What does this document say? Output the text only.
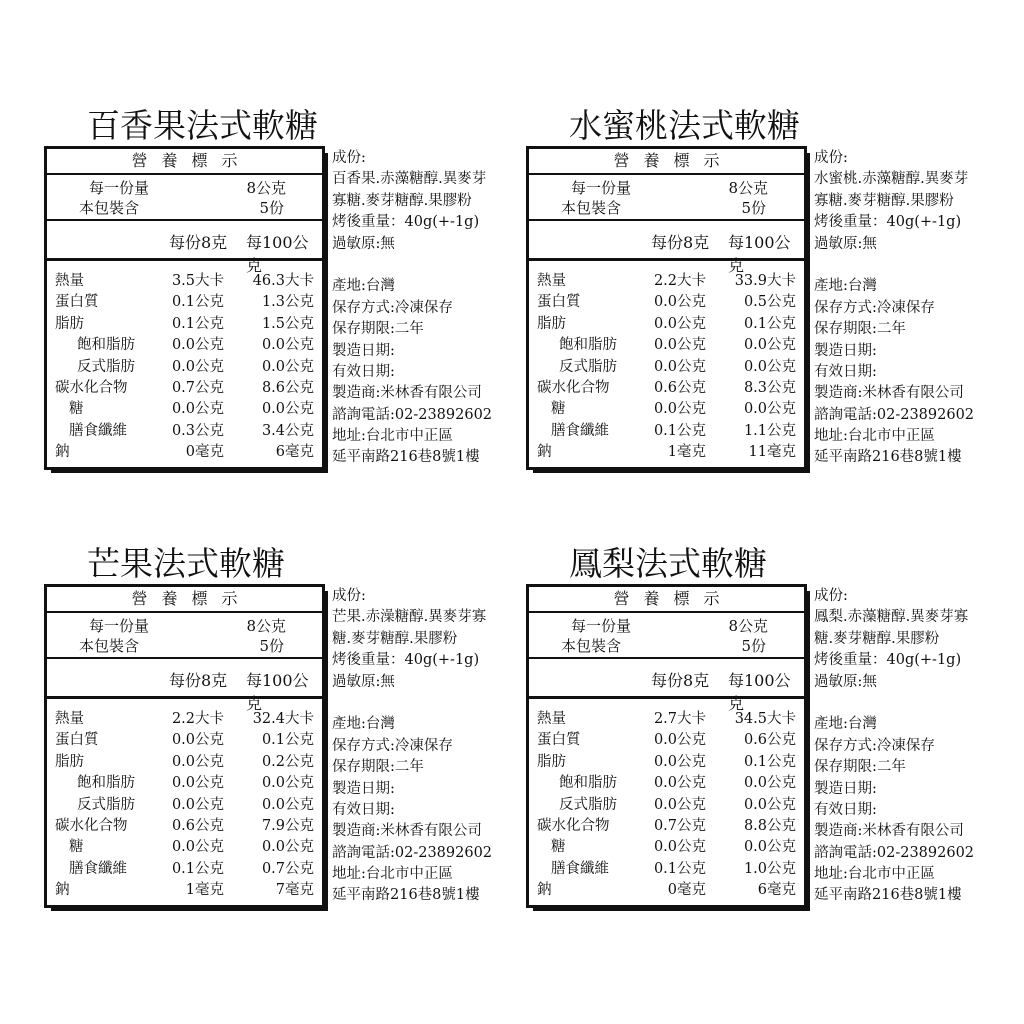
百香果法式軟糖
營養標示
每一份量	8公克
本包裝含	5份
每份8克 每100公克
熱量	3.5大卡 46.3大卡
蛋白質	0.1公克	1.3公克
脂肪	0.1公克	1.5公克
飽和脂肪	0.0公克	0.0公克
反式脂肪	0.0公克	0.0公克
碳水化合物	0.7公克	8.6公克
糖	0.0公克	0.0公克
膳食纖維	0.3公克	3.4公克
鈉	0毫克	6毫克
成份:
百香果.赤藻糖醇.異麥芽
寡糖.麥芽糖醇.果膠粉
烤後重量：40g(+-1g)
過敏原:無
產地:台灣
保存方式:冷凍保存
保存期限:二年
製造日期:
有效日期:
製造商:米林香有限公司
諮詢電話:02-23892602
地址:台北市中正區
延平南路216巷8號1樓
水蜜桃法式軟糖
營養標示
每一份量	8公克
本包裝含	5份
每份8克 每100公克
熱量	2.2大卡 33.9大卡
蛋白質	0.0公克	0.5公克
脂肪	0.0公克	0.1公克
飽和脂肪	0.0公克	0.0公克
反式脂肪	0.0公克	0.0公克
碳水化合物	0.6公克	8.3公克
糖	0.0公克	0.0公克
膳食纖維	0.1公克	1.1公克
鈉	1毫克	11毫克
成份:
水蜜桃.赤藻糖醇.異麥芽
寡糖.麥芽糖醇.果膠粉
烤後重量：40g(+-1g)
過敏原:無
產地:台灣
保存方式:冷凍保存
保存期限:二年
製造日期:
有效日期:
製造商:米林香有限公司
諮詢電話:02-23892602
地址:台北市中正區
延平南路216巷8號1樓
芒果法式軟糖
營養標示
每一份量	8公克
本包裝含	5份
每份8克 每100公克
熱量	2.2大卡 32.4大卡
蛋白質	0.0公克	0.1公克
脂肪	0.0公克	0.2公克
飽和脂肪	0.0公克	0.0公克
反式脂肪	0.0公克	0.0公克
碳水化合物	0.6公克	7.9公克
糖	0.0公克	0.0公克
膳食纖維	0.1公克	0.7公克
鈉	1毫克	7毫克
成份:
芒果.赤澡糖醇.異麥芽寡
糖.麥芽糖醇.果膠粉
烤後重量：40g(+-1g)
過敏原:無
產地:台灣
保存方式:冷凍保存
保存期限:二年
製造日期:
有效日期:
製造商:米林香有限公司
諮詢電話:02-23892602
地址:台北市中正區
延平南路216巷8號1樓
鳳梨法式軟糖
營養標示
每一份量	8公克
本包裝含	5份
每份8克 每100公克
熱量	2.7大卡 34.5大卡
蛋白質	0.0公克	0.6公克
脂肪	0.0公克	0.1公克
飽和脂肪	0.0公克	0.0公克
反式脂肪	0.0公克	0.0公克
碳水化合物	0.7公克	8.8公克
糖	0.0公克	0.0公克
膳食纖維	0.1公克	1.0公克
鈉	0毫克	6毫克
成份:
鳳梨.赤藻糖醇.異麥芽寡
糖.麥芽糖醇.果膠粉
烤後重量：40g(+-1g)
過敏原:無
產地:台灣
保存方式:冷凍保存
保存期限:二年
製造日期:
有效日期:
製造商:米林香有限公司
諮詢電話:02-23892602
地址:台北市中正區
延平南路216巷8號1樓
